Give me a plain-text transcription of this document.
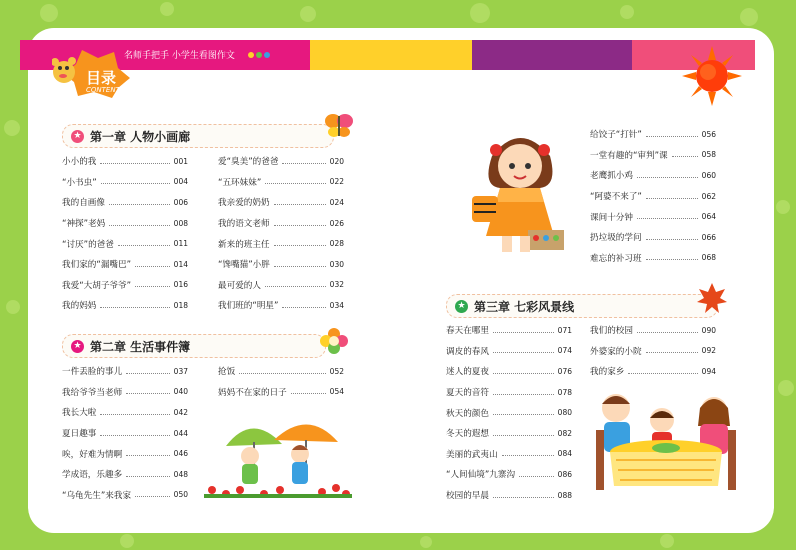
名师手把手 小学生看图作文
目录
CONTENTS
★ 第一章 人物小画廊
小小的我	001
“小书虫”	004
我的自画像	006
“神探”老妈	008
“讨厌”的爸爸	011
我们家的“漏嘴巴”	014
我爱“大胡子爷爷”	016
我的妈妈	018
爱“臭美”的爸爸	020
“五环妹妹”	022
我亲爱的奶奶	024
我的语文老师	026
新来的班主任	028
“馋嘴猫”小胖	030
最可爱的人	032
我们班的“明星”	034
★ 第二章 生活事件簿
一件丢脸的事儿	037
我给爷爷当老师	040
我长大啦	042
夏日趣事	044
唉，好难为情啊	046
学成语，乐趣多	048
“乌龟先生”来我家	050
抢饭	052
妈妈不在家的日子	054
给饺子“打针”	056
一堂有趣的“审判”课	058
老鹰抓小鸡	060
“阿婆不来了”	062
课间十分钟	064
扔垃圾的学问	066
难忘的补习班	068
★ 第三章 七彩风景线
春天在哪里	071
调皮的春风	074
迷人的夏夜	076
夏天的音符	078
秋天的颜色	080
冬天的遐想	082
美丽的武夷山	084
“人间仙境”九寨沟	086
校园的早晨	088
我们的校园	090
外婆家的小院	092
我的家乡	094
